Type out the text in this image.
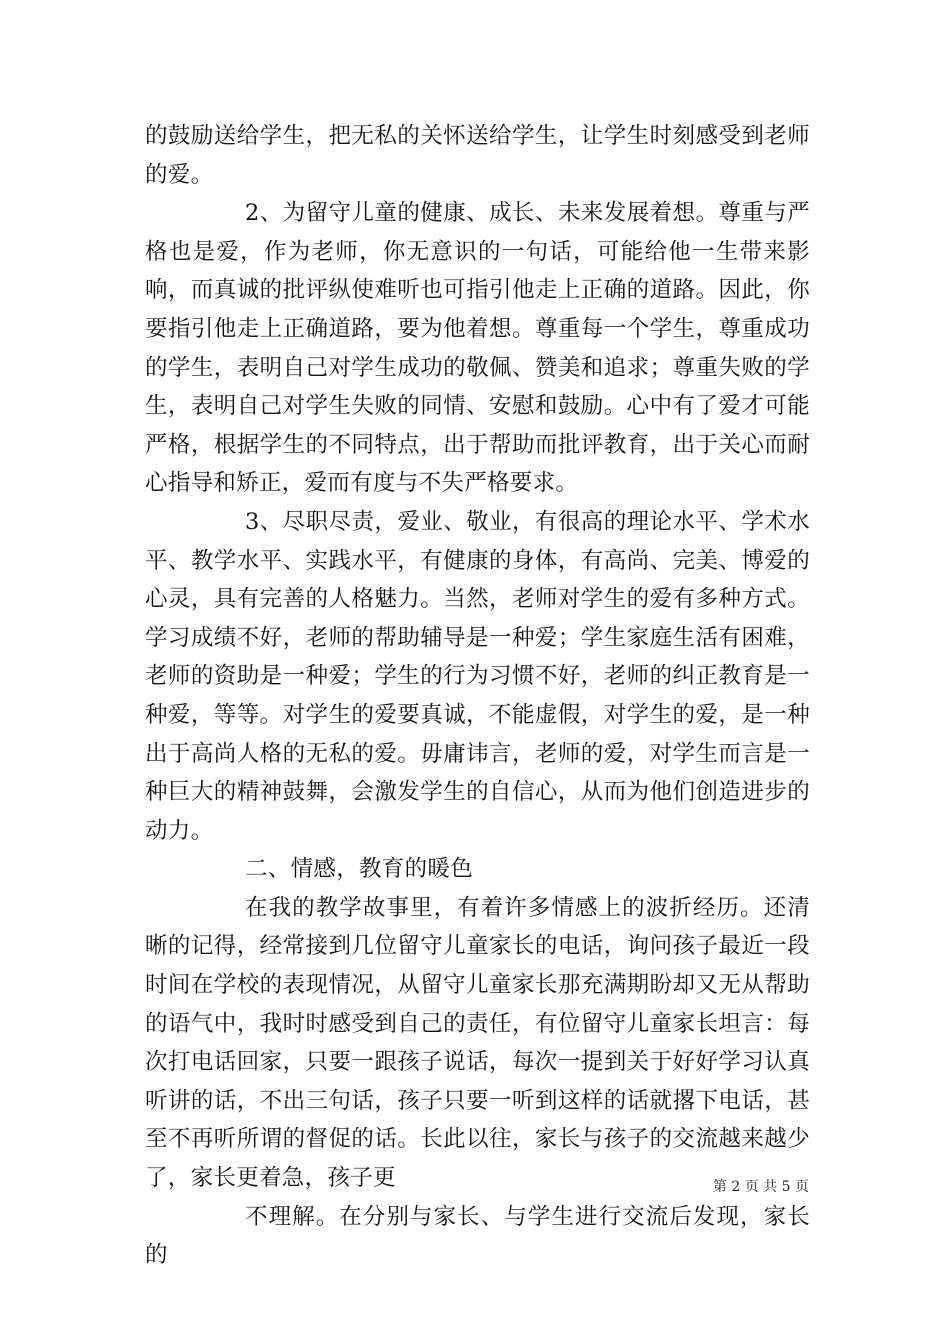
的鼓励送给学生，把无私的关怀送给学生，让学生时刻感受到老师的爱。

2、为留守儿童的健康、成长、未来发展着想。尊重与严格也是爱，作为老师，你无意识的一句话，可能给他一生带来影响，而真诚的批评纵使难听也可指引他走上正确的道路。因此，你要指引他走上正确道路，要为他着想。尊重每一个学生，尊重成功的学生，表明自己对学生成功的敬佩、赞美和追求；尊重失败的学生，表明自己对学生失败的同情、安慰和鼓励。心中有了爱才可能严格，根据学生的不同特点，出于帮助而批评教育，出于关心而耐心指导和矫正，爱而有度与不失严格要求。

3、尽职尽责，爱业、敬业，有很高的理论水平、学术水平、教学水平、实践水平，有健康的身体，有高尚、完美、博爱的心灵，具有完善的人格魅力。当然，老师对学生的爱有多种方式。学习成绩不好，老师的帮助辅导是一种爱；学生家庭生活有困难，老师的资助是一种爱；学生的行为习惯不好，老师的纠正教育是一种爱，等等。对学生的爱要真诚，不能虚假，对学生的爱，是一种出于高尚人格的无私的爱。毋庸讳言，老师的爱，对学生而言是一种巨大的精神鼓舞，会激发学生的自信心，从而为他们创造进步的动力。

二、情感，教育的暖色

在我的教学故事里，有着许多情感上的波折经历。还清晰的记得，经常接到几位留守儿童家长的电话，询问孩子最近一段时间在学校的表现情况，从留守儿童家长那充满期盼却又无从帮助的语气中，我时时感受到自己的责任，有位留守儿童家长坦言：每次打电话回家，只要一跟孩子说话，每次一提到关于好好学习认真听讲的话，不出三句话，孩子只要一听到这样的话就撂下电话，甚至不再听所谓的督促的话。长此以往，家长与孩子的交流越来越少了，家长更着急，孩子更

不理解。在分别与家长、与学生进行交流后发现，家长的

第 2 页 共 5 页
